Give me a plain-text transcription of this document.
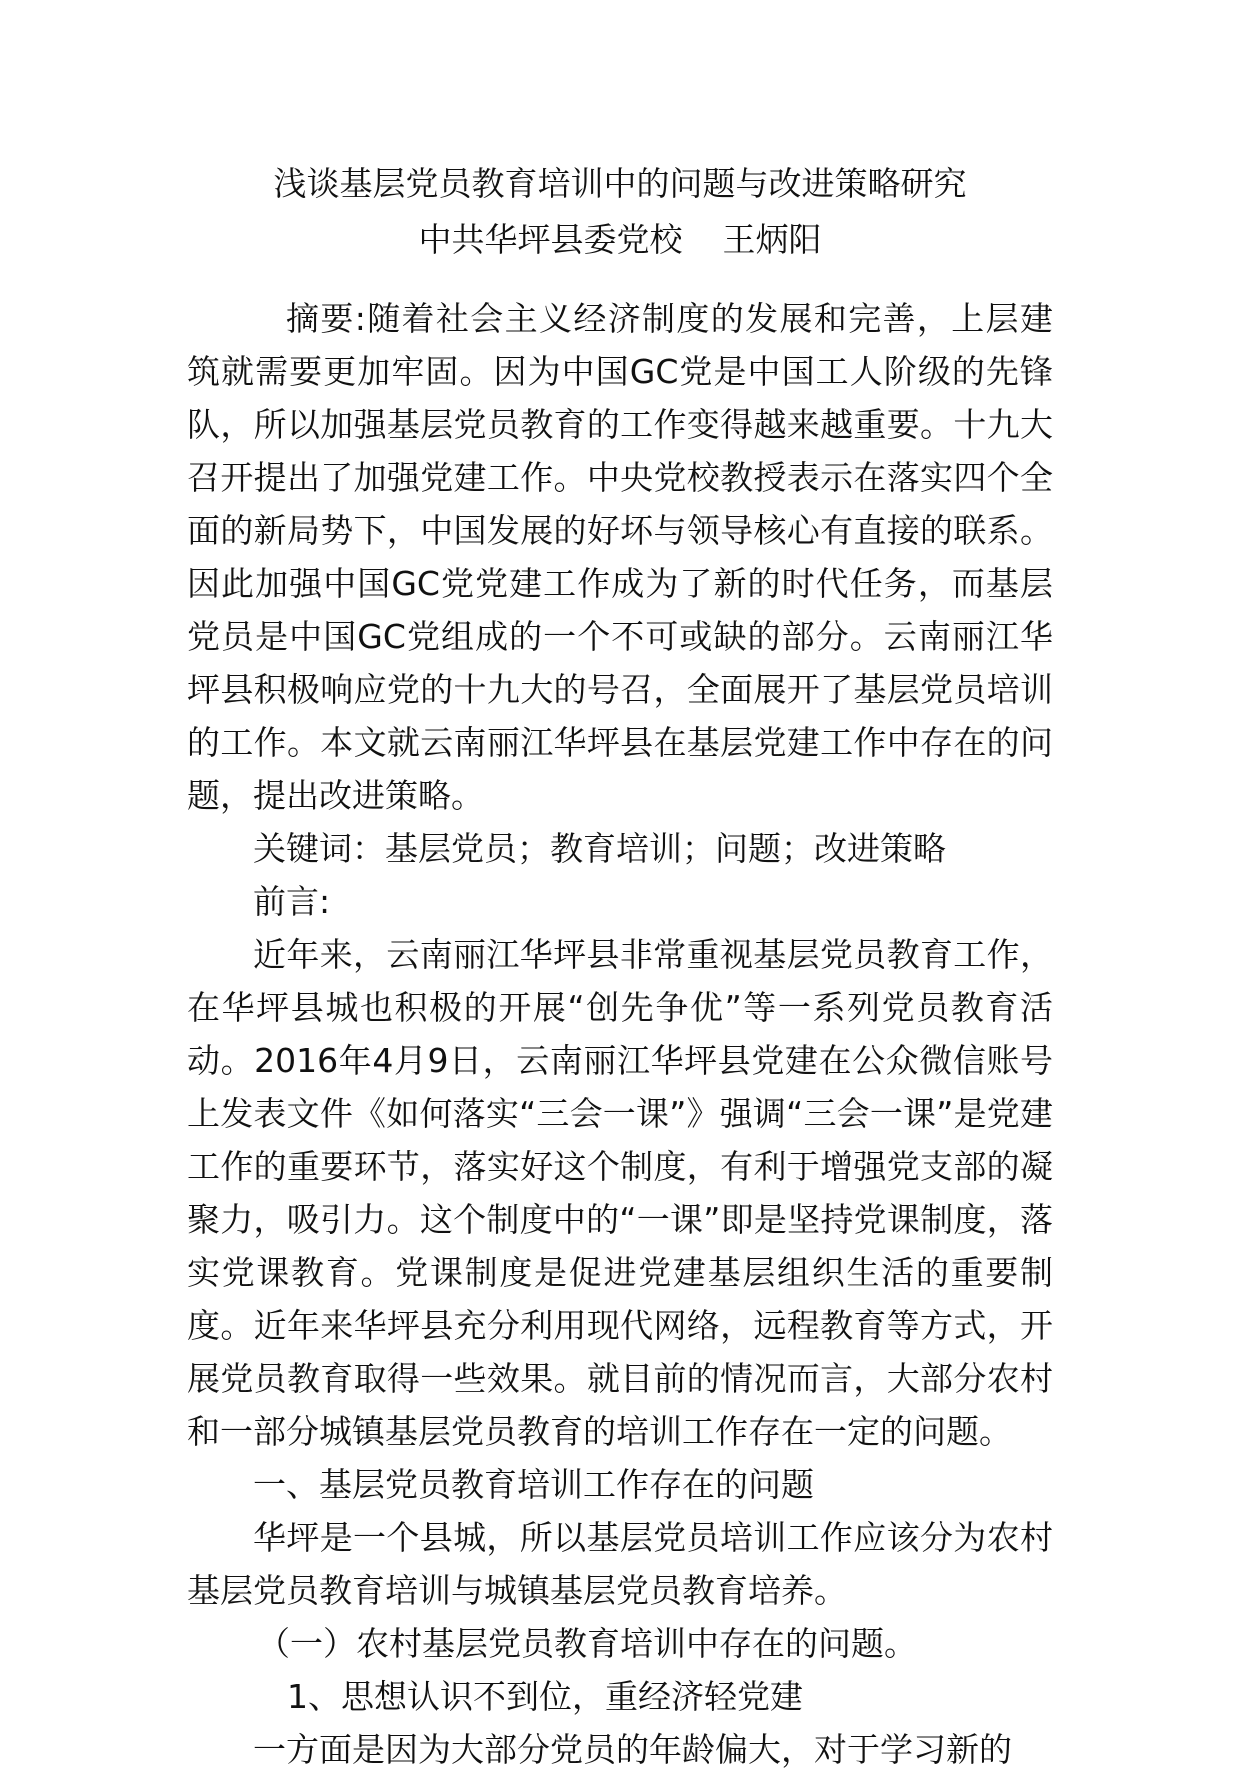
浅谈基层党员教育培训中的问题与改进策略研究
中共华坪县委党校 王炳阳

摘要:随着社会主义经济制度的发展和完善，上层建筑就需要更加牢固。因为中国GC党是中国工人阶级的先锋队，所以加强基层党员教育的工作变得越来越重要。十九大召开提出了加强党建工作。中央党校教授表示在落实四个全面的新局势下，中国发展的好坏与领导核心有直接的联系。因此加强中国GC党党建工作成为了新的时代任务，而基层党员是中国GC党组成的一个不可或缺的部分。云南丽江华坪县积极响应党的十九大的号召，全面展开了基层党员培训的工作。本文就云南丽江华坪县在基层党建工作中存在的问题，提出改进策略。

关键词：基层党员；教育培训；问题；改进策略

前言:

近年来，云南丽江华坪县非常重视基层党员教育工作，在华坪县城也积极的开展“创先争优”等一系列党员教育活动。2016年4月9日，云南丽江华坪县党建在公众微信账号上发表文件《如何落实“三会一课”》强调“三会一课”是党建工作的重要环节，落实好这个制度，有利于增强党支部的凝聚力，吸引力。这个制度中的“一课”即是坚持党课制度，落实党课教育。党课制度是促进党建基层组织生活的重要制度。近年来华坪县充分利用现代网络，远程教育等方式，开展党员教育取得一些效果。就目前的情况而言，大部分农村和一部分城镇基层党员教育的培训工作存在一定的问题。

一、基层党员教育培训工作存在的问题

华坪是一个县城，所以基层党员培训工作应该分为农村基层党员教育培训与城镇基层党员教育培养。

（一）农村基层党员教育培训中存在的问题。

1、思想认识不到位，重经济轻党建

一方面是因为大部分党员的年龄偏大，对于学习新的
